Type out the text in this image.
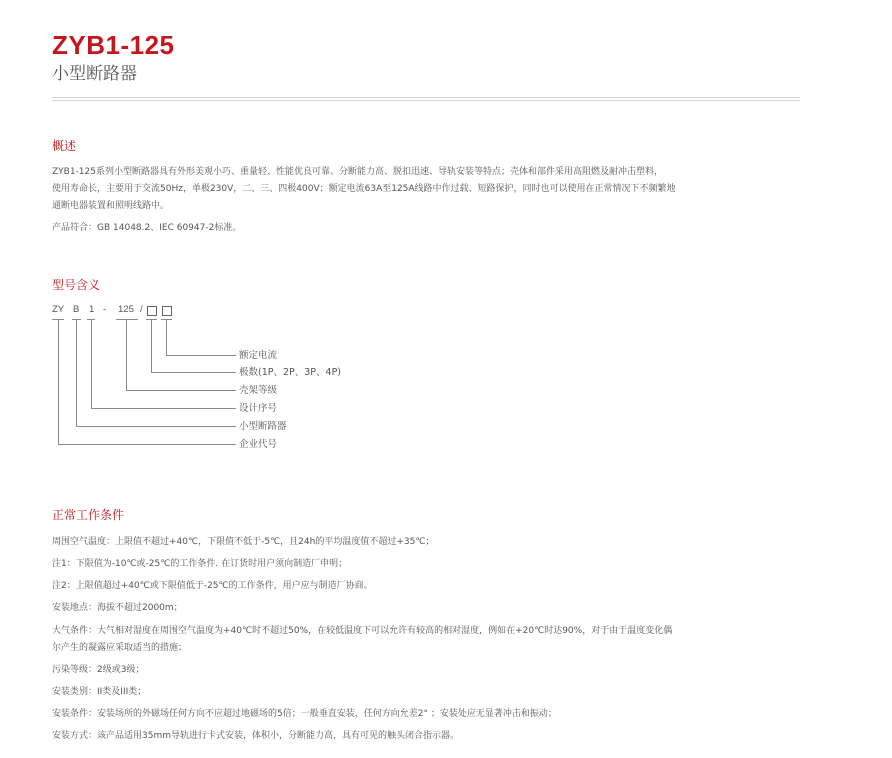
ZYB1-125
小型断路器
概述
ZYB1-125系列小型断路器具有外形美观小巧、重量轻、性能优良可靠、分断能力高、脱扣迅速、导轨安装等特点；壳体和部件采用高阻燃及耐冲击塑料，
使用寿命长，主要用于交流50Hz，单极230V，二、三、四极400V；额定电流63A至125A线路中作过载、短路保护，同时也可以使用在正常情况下不频繁地
通断电器装置和照明线路中。
产品符合：GB 14048.2、IEC 60947-2标准。
型号含义
ZY B 1 - 125 /
额定电流
极数(1P、2P、3P、4P)
壳架等级
设计序号
小型断路器
企业代号
正常工作条件
周围空气温度：上限值不超过+40℃，下限值不低于-5℃，且24h的平均温度值不超过+35℃；
注1：下限值为-10℃或-25℃的工作条件. 在订货时用户须向制造厂申明；
注2：上限值超过+40℃或下限值低于-25℃的工作条件，用户应与制造厂协商。
安装地点：海拔不超过2000m；
大气条件：大气相对湿度在周围空气温度为+40℃时不超过50%，在较低温度下可以允许有较高的相对湿度，例如在+20℃时达90%，对于由于温度变化偶
尔产生的凝露应采取适当的措施；
污染等级：2级或3级；
安装类别：II类及III类；
安装条件：安装场所的外磁场任何方向不应超过地磁场的5倍；一般垂直安装，任何方向允差2° ；安装处应无显著冲击和振动；
安装方式：该产品适用35mm导轨进行卡式安装，体积小，分断能力高，具有可见的触头闭合指示器。
